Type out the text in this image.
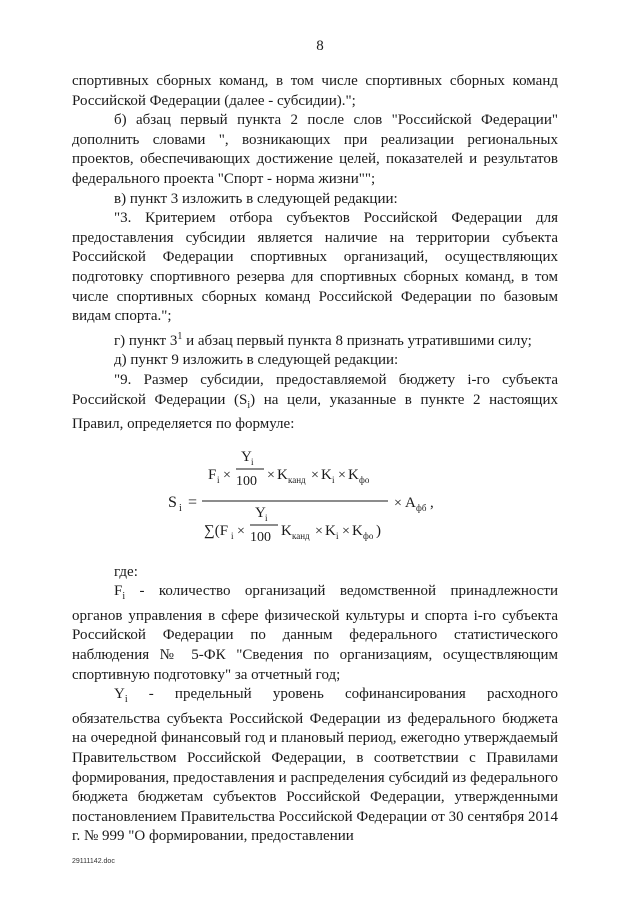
8

спортивных сборных команд, в том числе спортивных сборных команд Российской Федерации (далее - субсидии).";

б) абзац первый пункта 2 после слов "Российской Федерации" дополнить словами ", возникающих при реализации региональных проектов, обеспечивающих достижение целей, показателей и результатов федерального проекта "Спорт - норма жизни"";

в) пункт 3 изложить в следующей редакции:

"3. Критерием отбора субъектов Российской Федерации для предоставления субсидии является наличие на территории субъекта Российской Федерации спортивных организаций, осуществляющих подготовку спортивного резерва для спортивных сборных команд, в том числе спортивных сборных команд Российской Федерации по базовым видам спорта.";

г) пункт $3^1$ и абзац первый пункта 8 признать утратившими силу;

д) пункт 9 изложить в следующей редакции:

"9. Размер субсидии, предоставляемой бюджету i-го субъекта Российской Федерации $(S_i)$ на цели, указанные в пункте 2 настоящих Правил, определяется по формуле:

S i =
F i ×
Y i
100 × K канд × K i × K фо
∑(F i ×
Y i
100 K канд × K i × K фо )
× A фб ,

где:

$F_i$ - количество организаций ведомственной принадлежности органов управления в сфере физической культуры и спорта i-го субъекта Российской Федерации по данным федерального статистического наблюдения № 5-ФК "Сведения по организациям, осуществляющим спортивную подготовку" за отчетный год;

$Y_i$ - предельный уровень софинансирования расходного обязательства субъекта Российской Федерации из федерального бюджета на очередной финансовый год и плановый период, ежегодно утверждаемый Правительством Российской Федерации, в соответствии с Правилами формирования, предоставления и распределения субсидий из федерального бюджета бюджетам субъектов Российской Федерации, утвержденными постановлением Правительства Российской Федерации от 30 сентября 2014 г. № 999 "О формировании, предоставлении

29111142.doc
